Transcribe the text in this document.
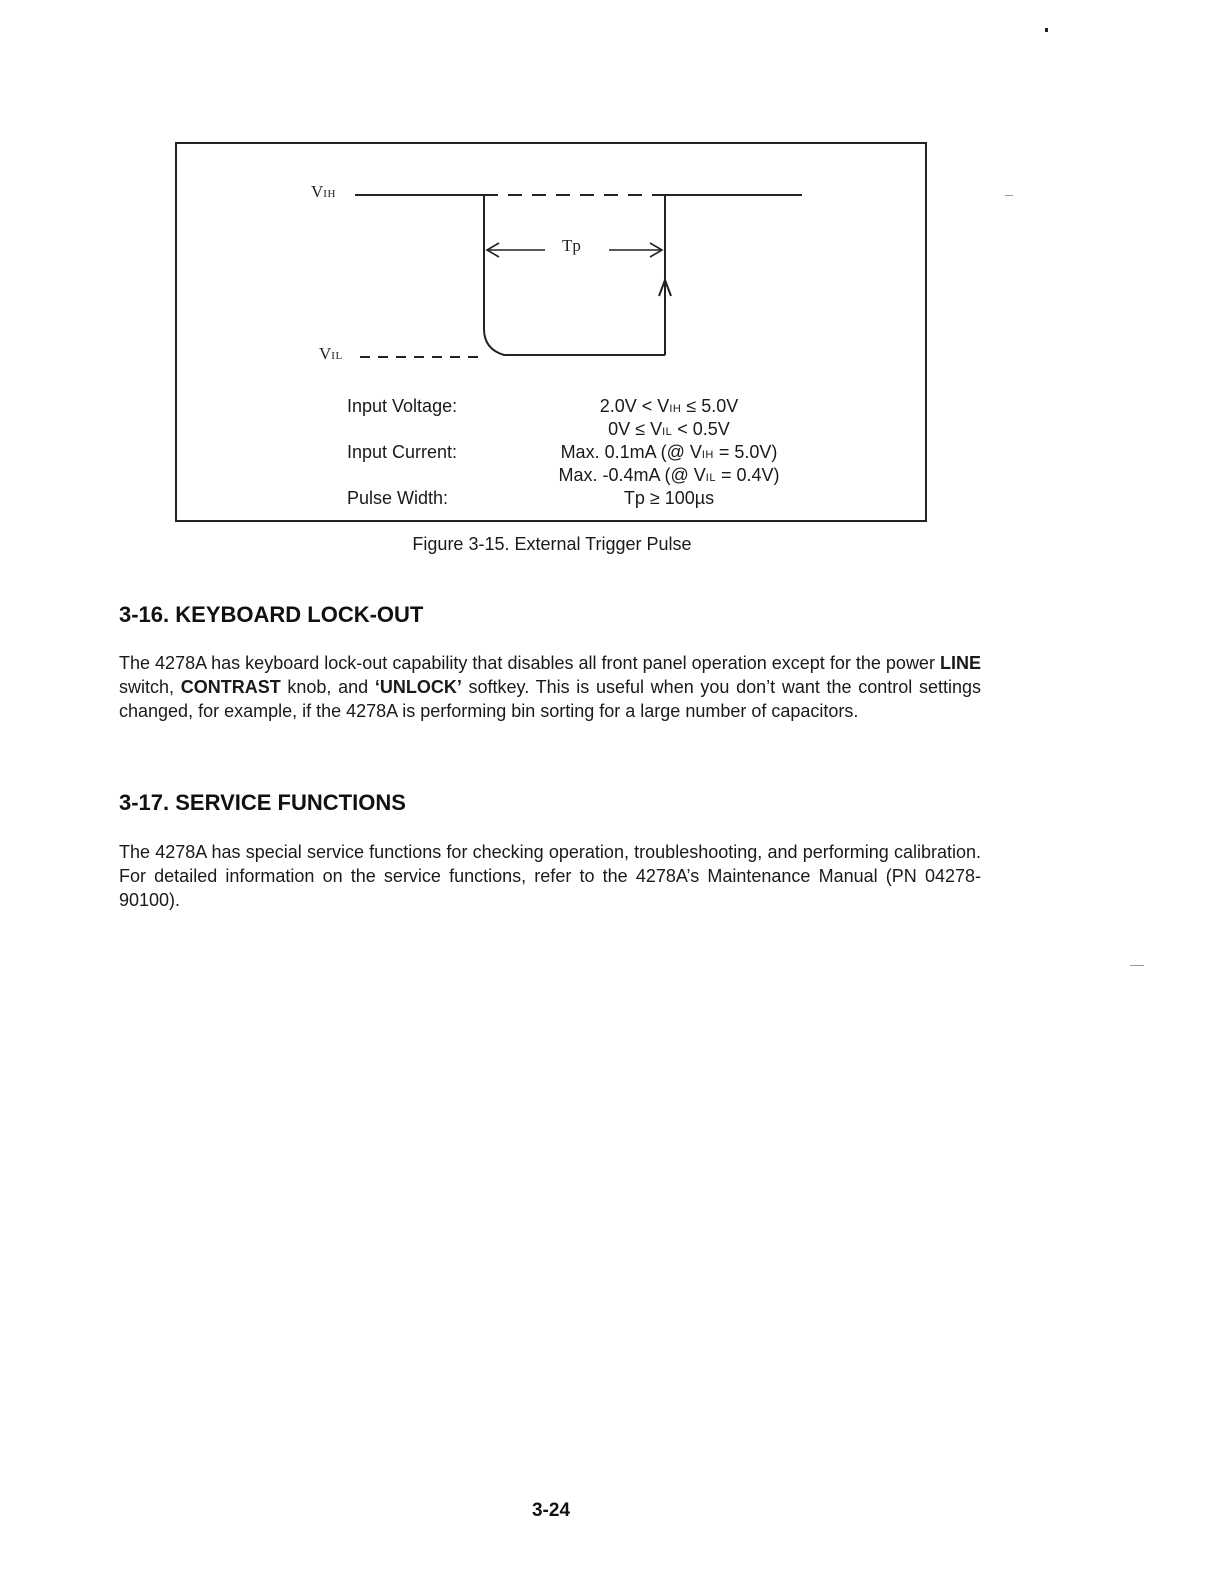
VIH
VIL
Tp
Input Voltage:	2.0V < VIH ≤ 5.0V
0V ≤ VIL < 0.5V
Input Current:	Max. 0.1mA (@ VIH = 5.0V)
Max. -0.4mA (@ VIL = 0.4V)
Pulse Width:	Tp ≥ 100µs
Figure 3-15. External Trigger Pulse
3-16. KEYBOARD LOCK-OUT

The 4278A has keyboard lock-out capability that disables all front panel operation except for the power LINE switch, CONTRAST knob, and ‘UNLOCK’ softkey. This is useful when you don’t want the control settings changed, for example, if the 4278A is performing bin sorting for a large number of capacitors.

3-17. SERVICE FUNCTIONS

The 4278A has special service functions for checking operation, troubleshooting, and performing calibration. For detailed information on the service functions, refer to the 4278A’s Maintenance Manual (PN 04278-90100).

3-24
